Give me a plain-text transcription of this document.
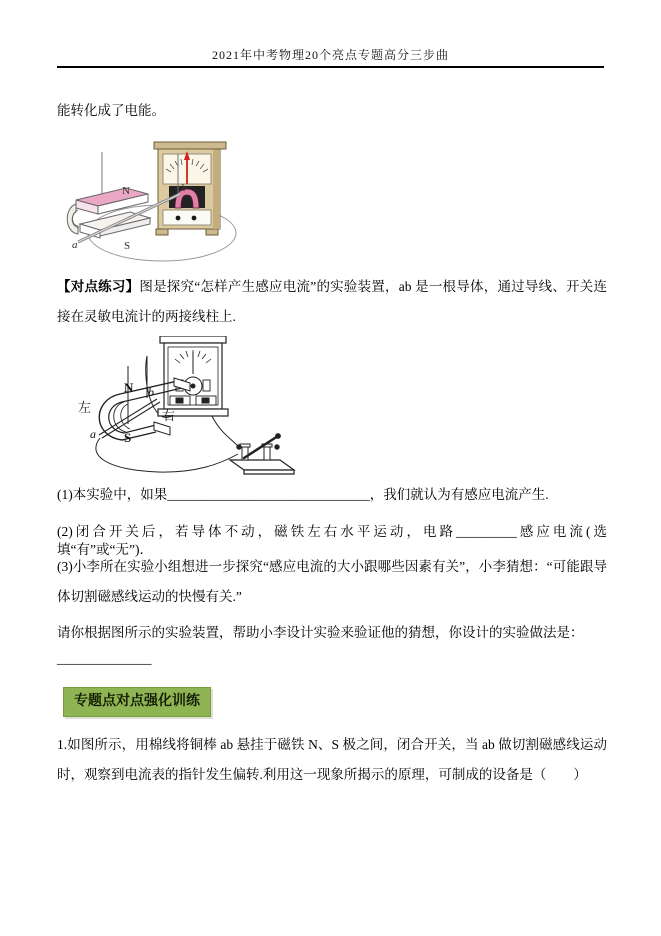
2021年中考物理20个亮点专题高分三步曲
能转化成了电能。
N
S
a
b
【对点练习】图是探究“怎样产生感应电流”的实验装置，ab 是一根导体，通过导线、开关连接在灵敏电流计的两接线柱上.
左
N
S
右
a
b
(1)本实验中，如果______________________________，我们就认为有感应电流产生.
(2)闭合开关后，若导体不动，磁铁左右水平运动，电路_________感应电流(选填“有”或“无”)．
(3)小李所在实验小组想进一步探究“感应电流的大小跟哪些因素有关”，小李猜想：“可能跟导体切割磁感线运动的快慢有关.”
请你根据图所示的实验装置，帮助小李设计实验来验证他的猜想，你设计的实验做法是：
______________
专题点对点强化训练
1.如图所示，用棉线将铜棒 ab 悬挂于磁铁 N、S 极之间，闭合开关，当 ab 做切割磁感线运动时，观察到电流表的指针发生偏转.利用这一现象所揭示的原理，可制成的设备是（　　）
